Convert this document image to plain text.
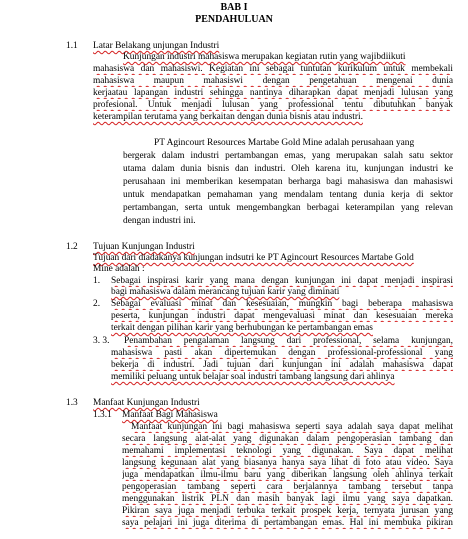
BAB I
PENDAHULUAN
1.1 Latar Belakang unjungan Industri
Kunjungan industri mahasiswa merupakan kegiatan rutin yang wajibdiikuti
mahasiswa dan mahasiswi. Kegiatan ini sebagai tuntutan kurikulum untuk membekali
mahasiswa maupun mahasiswi dengan pengetahuan mengenai dunia
kerjaatau lapangan industri sehingga nantinya diharapkan dapat menjadi lulusan yang
profesional. Untuk menjadi lulusan yang professional tentu dibutuhkan banyak
keterampilan terutama yang berkaitan dengan dunia bisnis atau industri.
PT Agincourt Resources Martabe Gold Mine adalah perusahaan yang
bergerak dalam industri pertambangan emas, yang merupakan salah satu sektor
utama dalam dunia bisnis dan industri. Oleh karena itu, kunjungan industri ke
perusahaan ini memberikan kesempatan berharga bagi mahasiswa dan mahasiswi
untuk mendapatkan pemahaman yang mendalam tentang dunia kerja di sektor
pertambangan, serta untuk mengembangkan berbagai keterampilan yang relevan
dengan industri ini.
1.2 Tujuan Kunjungan Industri
Tujuan dari diadakanya kunjungan indsutri ke PT Agincourt Resources Martabe Gold
Mine adalah :
1. Sebagai inspirasi karir yang mana dengan kunjungan ini dapat menjadi inspirasi
bagi mahasiswa dalam merancang tujuan karir yang diminati
2. Sebagai evaluasi minat dan kesesuaian, mungkin bagi beberapa mahasiswa
peserta, kunjungan industri dapat mengevaluasi minat dan kesesuaian mereka
terkait dengan pilihan karir yang berhubungan ke pertambangan emas
3. 3. Penambahan pengalaman langsung dari professional, selama kunjungan,
mahasiswa pasti akan dipertemukan dengan professional-professional yang
bekerja di industri. Jadi tujuan dari kunjungan ini adalah mahasiswa dapat
memiliki peluang untuk belajar soal industri tambang langsung dari ahlinya
1.3 Manfaat Kunjungan Industri
1.3.1 Manfaat Bagi Mahasiswa
Manfaat kunjungan ini bagi mahasiswa seperti saya adalah saya dapat melihat
secara langsung alat-alat yang digunakan dalam pengoperasian tambang dan
memahami implementasi teknologi yang digunakan. Saya dapat melihat
langsung kegunaan alat yang biasanya hanya saya lihat di foto atau video. Saya
juga mendapatkan ilmu-ilmu baru yang diberikan langsung oleh ahlinya terkait
pengoperasian tambang seperti cara berjalannya tambang tersebut tanpa
menggunakan listrik PLN dan masih banyak lagi ilmu yang saya dapatkan.
Pikiran saya juga menjadi terbuka terkait prospek kerja, ternyata jurusan yang
saya pelajari ini juga diterima di pertambangan emas. Hal ini membuka pikiran
